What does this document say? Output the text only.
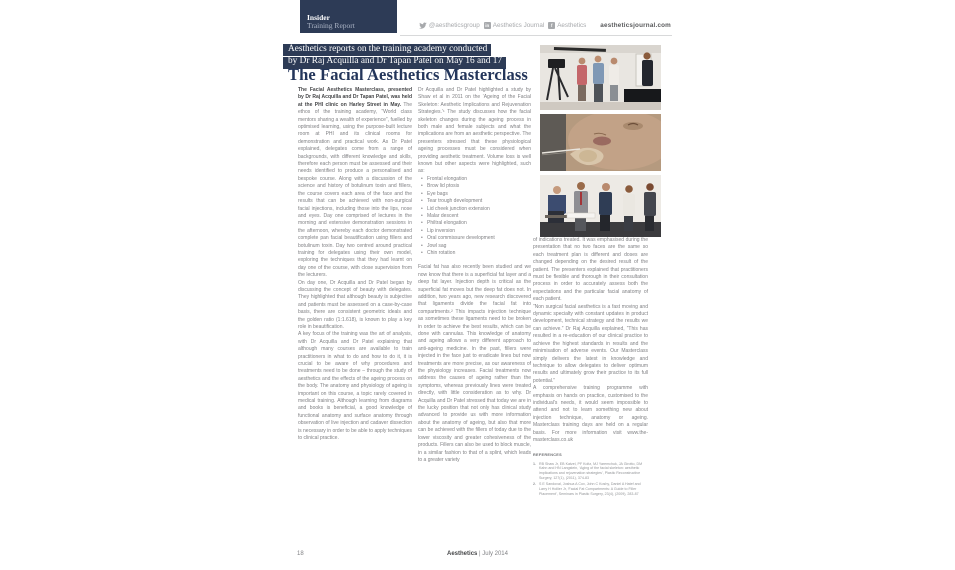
Insider
Training Report	@aestheticsgroup	in Aesthetics Journal	f Aesthetics aestheticsjournal.com
Aesthetics reports on the training academy conducted
by Dr Raj Acquilla and Dr Tapan Patel on May 16 and 17
The Facial Aesthetics Masterclass

The Facial Aesthetics Masterclass, presented by Dr Raj Acquilla and Dr Tapan Patel, was held at the PHI clinic on Harley Street in May. The ethos of the training academy, “World class mentors sharing a wealth of experience”, fuelled by optimised learning, using the purpose-built lecture room at PHI and its clinical rooms for demonstration and practical work. As Dr Patel explained, delegates come from a range of backgrounds, with different knowledge and skills, therefore each person must be assessed and their needs identified to produce a personalised and bespoke course. Along with a discussion of the science and history of botulinum toxin and fillers, the course covers each area of the face and the results that can be achieved with non-surgical facial injections, including those into the lips, nose and eyes. Day one comprised of lectures in the morning and extensive demonstration sessions in the afternoon, whereby each doctor demonstrated complete pan facial beautification using fillers and botulinum toxin. Day two centred around practical training for delegates using their own model, exploring the techniques that they had learnt on day one of the course, with close supervision from the lecturers.

On day one, Dr Acquilla and Dr Patel began by discussing the concept of beauty with delegates. They highlighted that although beauty is subjective and patients must be assessed on a case-by-case basis, there are consistent geometric ideals and the golden ratio (1:1.618), is known to play a key role in beautification.

A key focus of the training was the art of analysis, with Dr Acquilla and Dr Patel explaining that although many courses are available to train practitioners in what to do and how to do it, it is crucial to be aware of why procedures and treatments need to be done – through the study of aesthetics and the effects of the ageing process on the body. The anatomy and physiology of ageing is important on this course, a topic rarely covered in medical training. Although learning from diagrams and books is beneficial, a good knowledge of functional anatomy and surface anatomy through observation of live injection and cadaver dissection is necessary in order to be able to apply techniques to clinical practice.

Dr Acquilla and Dr Patel highlighted a study by Shaw et al in 2011 on the ‘Ageing of the Facial Skeleton: Aesthetic Implications and Rejuvenation Strategies.’¹ The study discusses how the facial skeleton changes during the ageing process in both male and female subjects and what the implications are from an aesthetic perspective. The presenters stressed that these physiological ageing processes must be considered when providing aesthetic treatment. Volume loss is well known but other aspects were highlighted, such as:

• Frontal elongation
• Brow lid ptosis
• Eye bags
• Tear trough development
• Lid cheek junction extension
• Malar descent
• Philtral elongation
• Lip inversion
• Oral commissure development
• Jowl sag
• Chin rotation

Facial fat has also recently been studied and we now know that there is a superficial fat layer and a deep fat layer. Injection depth is critical as the superficial fat moves but the deep fat does not. In addition, two years ago, new research discovered that ligaments divide the facial fat into compartments.² This impacts injection technique as sometimes these ligaments need to be broken in order to achieve the best results, which can be done with cannulas. This knowledge of anatomy and ageing allows a very different approach to anti-ageing medicine. In the past, fillers were injected in the face just to eradicate lines but now treatments are more precise, as our awareness of the physiology increases. Facial treatments now address the causes of ageing rather than the symptoms, whereas previously lines were treated directly, with little consideration as to why. Dr Acquilla and Dr Patel stressed that today we are in the lucky position that not only has clinical study advanced to provide us with more information about the anatomy of ageing, but also that more can be achieved with the fillers of today due to the lower viscosity and greater cohesiveness of the products. Fillers can also be used to block muscle, in a similar fashion to that of a splint, which leads to a greater variety

of indications treated. It was emphasised during the presentation that no two faces are the same so each treatment plan is different and doses are changed depending on the desired result of the patient. The presenters explained that practitioners must be flexible and thorough in their consultation process in order to accurately assess both the expectations and the particular facial anatomy of each patient.

“Non surgical facial aesthetics is a fast moving and dynamic specialty with constant updates in product development, technical strategy and the results we can achieve.” Dr Raj Acquilla explained, “This has resulted in a re-education of our clinical practice to achieve the highest standards in results and the minimisation of adverse events. Our Masterclass simply delivers the latest in knowledge and technique to allow delegates to deliver optimum results and ultimately grow their practice to its full potential.”

A comprehensive training programme with emphasis on hands on practice, customised to the individual’s needs, it would seem impossible to attend and not to learn something new about injection technique, anatomy or ageing. Masterclass training days are held on a regular basis. For more information visit www.the-masterclass.co.uk

REFERENCES
1. RB Shaw Jr, EB Katzel, PF Koltz, MJ Yaremchuk, JA Girotto, DM Kahn and HN Langstein, ‘Aging of the facial skeleton: aesthetic implications and rejuvenation strategies’, Plastic Reconstructive Surgery, 127(1), (2011), 374-83
2. S E Sandoval, Joshua A Cox, John C Koshy, Daniel A Hatef and Larry H Hollier Jr, ‘Facial Fat Compartments: A Guide to Filler Placement’, Seminars in Plastic Surgery, 23(4), (2009), 283-87
18	Aesthetics | July 2014
